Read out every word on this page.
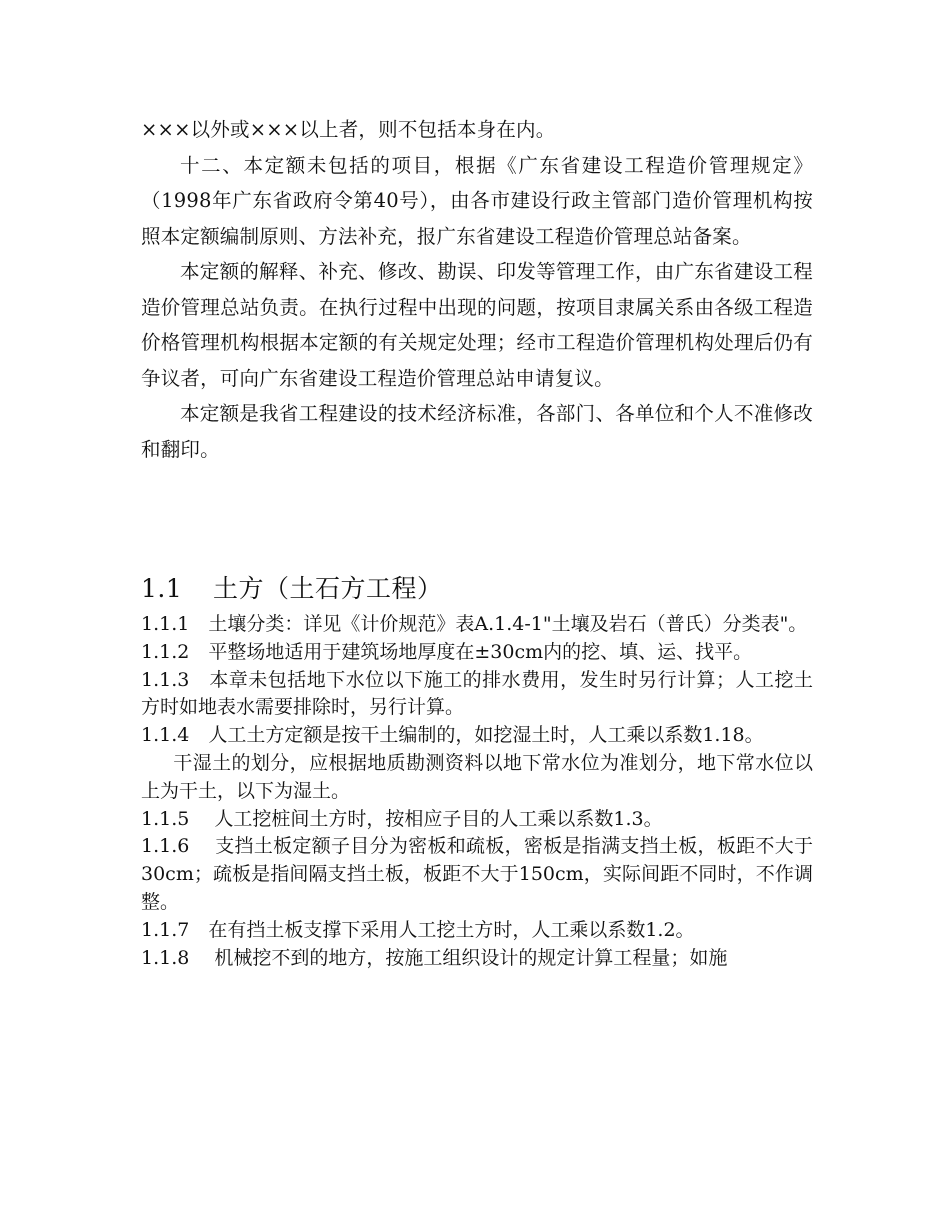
×××以外或×××以上者，则不包括本身在内。

十二、本定额未包括的项目，根据《广东省建设工程造价管理规定》（1998年广东省政府令第40号），由各市建设行政主管部门造价管理机构按照本定额编制原则、方法补充，报广东省建设工程造价管理总站备案。

本定额的解释、补充、修改、勘误、印发等管理工作，由广东省建设工程造价管理总站负责。在执行过程中出现的问题，按项目隶属关系由各级工程造价格管理机构根据本定额的有关规定处理；经市工程造价管理机构处理后仍有争议者，可向广东省建设工程造价管理总站申请复议。

本定额是我省工程建设的技术经济标准，各部门、各单位和个人不准修改和翻印。

1.1 土方（土石方工程）

1.1.1　土壤分类：详见《计价规范》表A.1.4-1"土壤及岩石（普氏）分类表"。

1.1.2　平整场地适用于建筑场地厚度在±30cm内的挖、填、运、找平。

1.1.3　本章未包括地下水位以下施工的排水费用，发生时另行计算；人工挖土方时如地表水需要排除时，另行计算。

1.1.4　人工土方定额是按干土编制的，如挖湿土时，人工乘以系数1.18。

干湿土的划分，应根据地质勘测资料以地下常水位为准划分，地下常水位以上为干土，以下为湿土。

1.1.5　 人工挖桩间土方时，按相应子目的人工乘以系数1.3。

1.1.6　 支挡土板定额子目分为密板和疏板，密板是指满支挡土板，板距不大于30cm；疏板是指间隔支挡土板，板距不大于150cm，实际间距不同时，不作调整。

1.1.7　在有挡土板支撑下采用人工挖土方时，人工乘以系数1.2。

1.1.8　 机械挖不到的地方，按施工组织设计的规定计算工程量；如施
